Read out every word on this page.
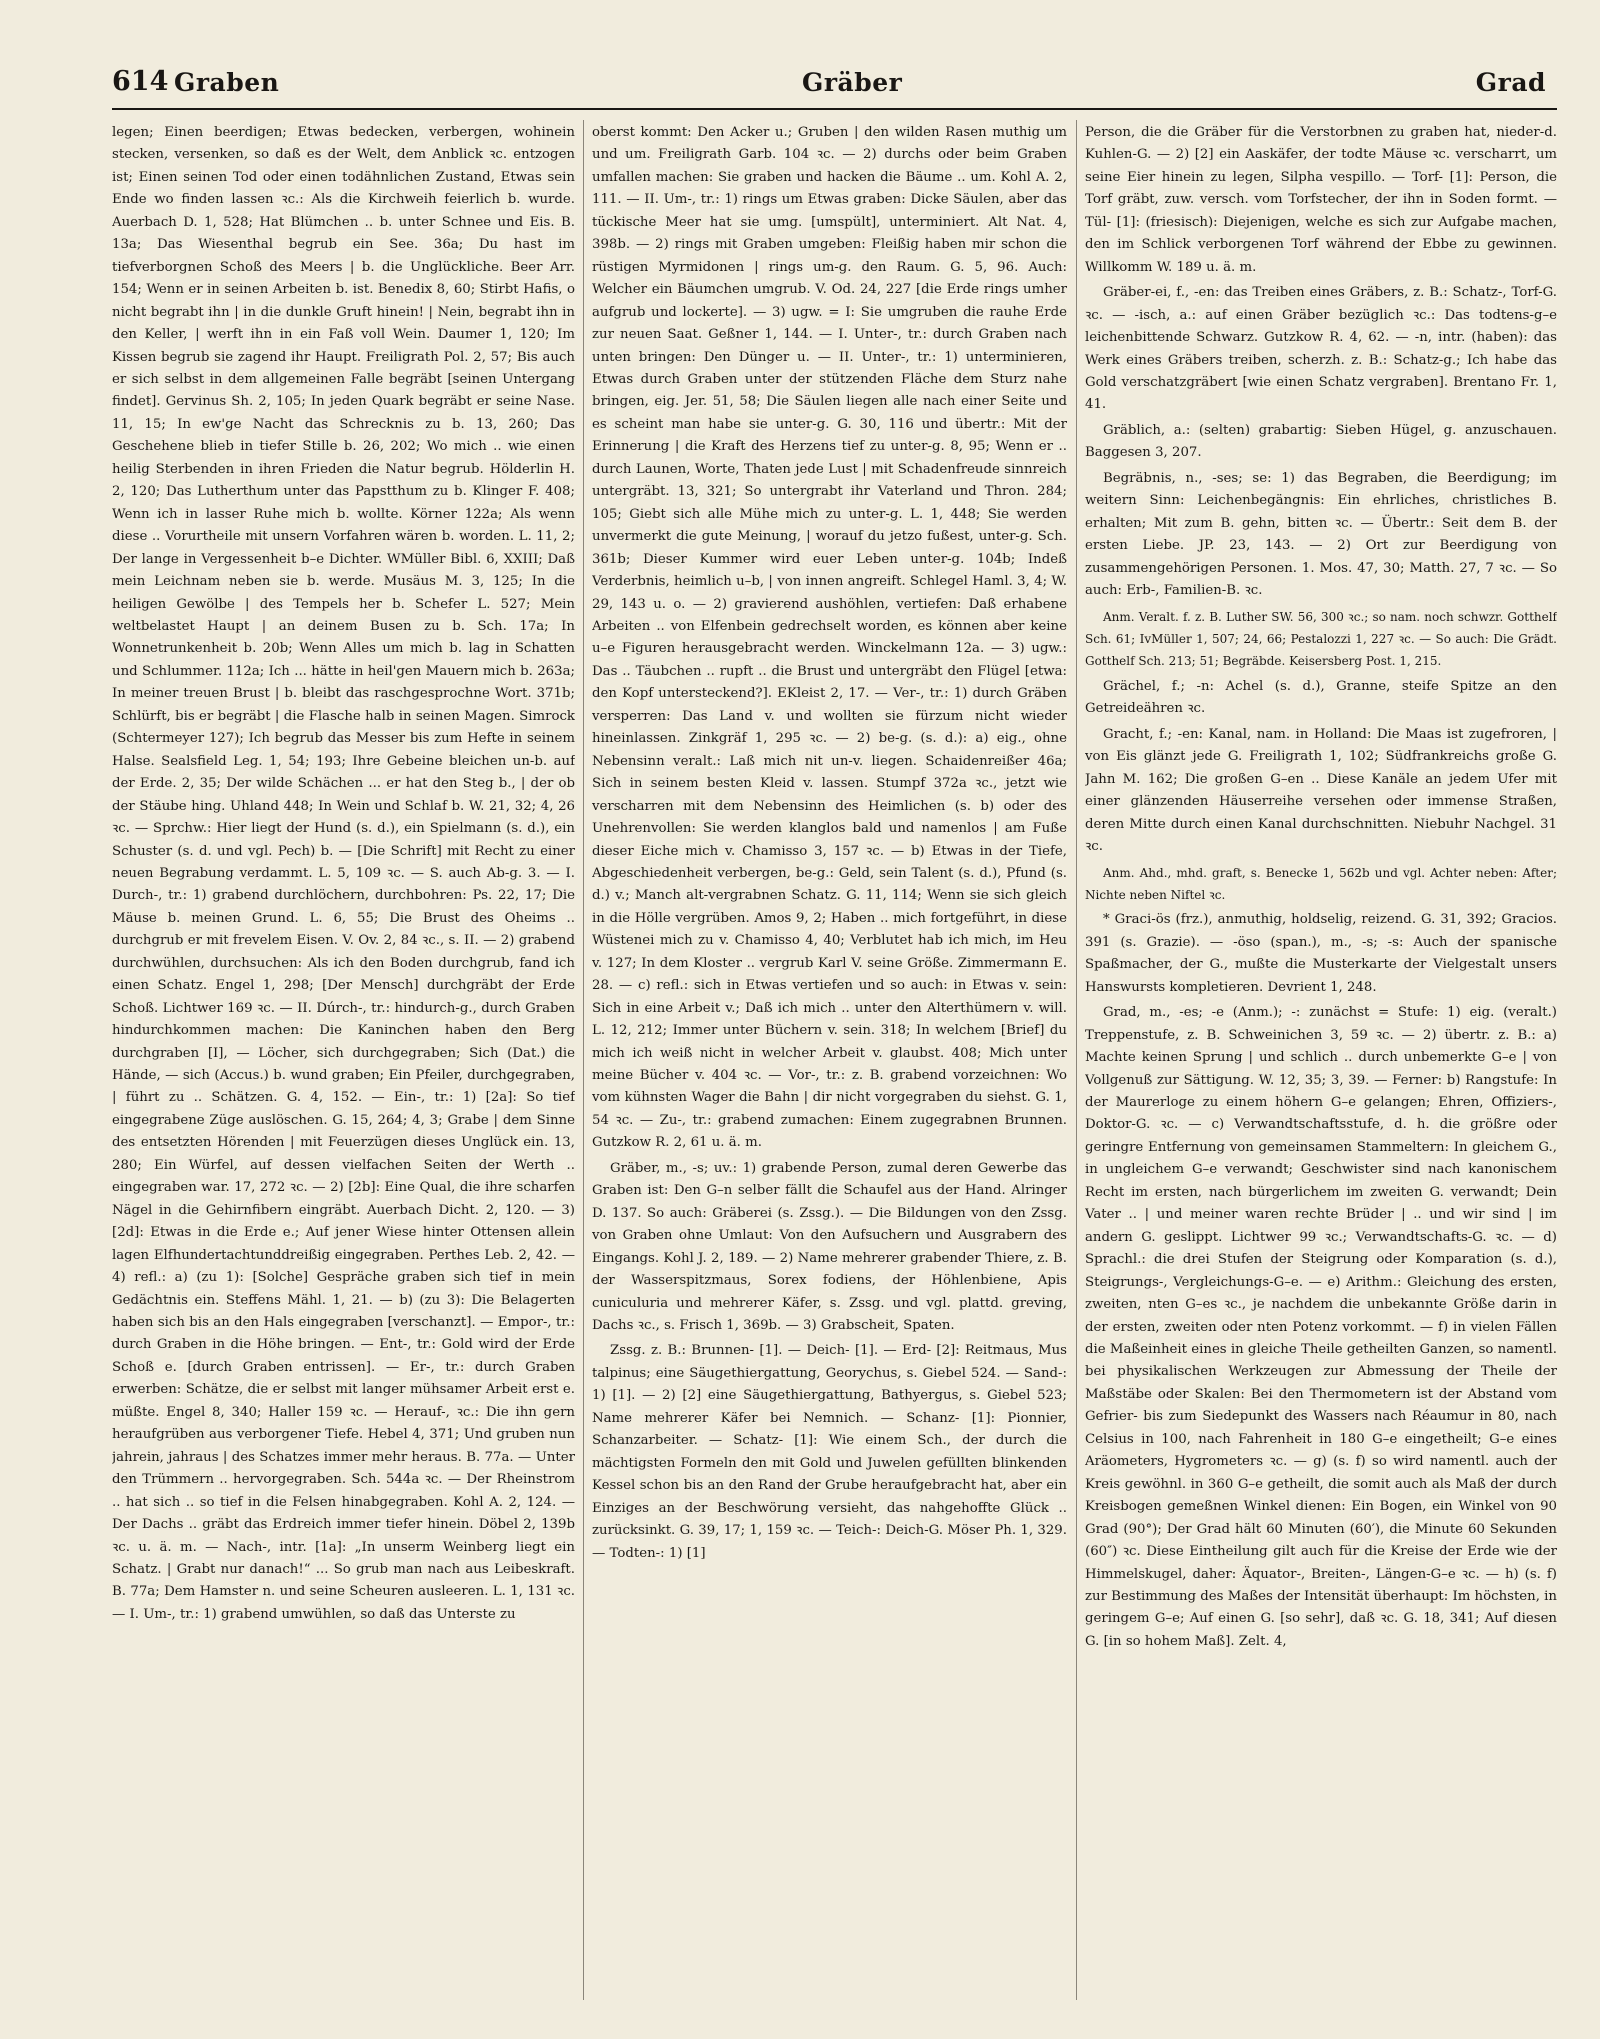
614 Graben	Gräber	Grad

legen; Einen beerdigen; Etwas bedecken, verbergen, wohinein stecken, versenken, so daß es der Welt, dem Anblick ꝛc. entzogen ist; Einen seinen Tod oder einen todähnlichen Zustand, Etwas sein Ende wo finden lassen ꝛc.: Als die Kirchweih feierlich b. wurde. Auerbach D. 1, 528; Hat Blümchen .. b. unter Schnee und Eis. B. 13a; Das Wiesenthal begrub ein See. 36a; Du hast im tiefverborgnen Schoß des Meers | b. die Unglückliche. Beer Arr. 154; Wenn er in seinen Arbeiten b. ist. Benedix 8, 60; Stirbt Hafis, o nicht begrabt ihn | in die dunkle Gruft hinein! | Nein, begrabt ihn in den Keller, | werft ihn in ein Faß voll Wein. Daumer 1, 120; Im Kissen begrub sie zagend ihr Haupt. Freiligrath Pol. 2, 57; Bis auch er sich selbst in dem allgemeinen Falle begräbt [seinen Untergang findet]. Gervinus Sh. 2, 105; In jeden Quark begräbt er seine Nase. 11, 15; In ew'ge Nacht das Schrecknis zu b. 13, 260; Das Geschehene blieb in tiefer Stille b. 26, 202; Wo mich .. wie einen heilig Sterbenden in ihren Frieden die Natur begrub. Hölderlin H. 2, 120; Das Lutherthum unter das Papstthum zu b. Klinger F. 408; Wenn ich in lasser Ruhe mich b. wollte. Körner 122a; Als wenn diese .. Vorurtheile mit unsern Vorfahren wären b. worden. L. 11, 2; Der lange in Vergessenheit b–e Dichter. WMüller Bibl. 6, XXIII; Daß mein Leichnam neben sie b. werde. Musäus M. 3, 125; In die heiligen Gewölbe | des Tempels her b. Schefer L. 527; Mein weltbelastet Haupt | an deinem Busen zu b. Sch. 17a; In Wonnetrunkenheit b. 20b; Wenn Alles um mich b. lag in Schatten und Schlummer. 112a; Ich ... hätte in heil'gen Mauern mich b. 263a; In meiner treuen Brust | b. bleibt das raschgesprochne Wort. 371b; Schlürft, bis er begräbt | die Flasche halb in seinen Magen. Simrock (Schtermeyer 127); Ich begrub das Messer bis zum Hefte in seinem Halse. Sealsfield Leg. 1, 54; 193; Ihre Gebeine bleichen un-b. auf der Erde. 2, 35; Der wilde Schächen ... er hat den Steg b., | der ob der Stäube hing. Uhland 448; In Wein und Schlaf b. W. 21, 32; 4, 26 ꝛc. — Sprchw.: Hier liegt der Hund (s. d.), ein Spielmann (s. d.), ein Schuster (s. d. und vgl. Pech) b. — [Die Schrift] mit Recht zu einer neuen Begrabung verdammt. L. 5, 109 ꝛc. — S. auch Ab-g. 3. — I. Durch-, tr.: 1) grabend durchlöchern, durchbohren: Ps. 22, 17; Die Mäuse b. meinen Grund. L. 6, 55; Die Brust des Oheims .. durchgrub er mit frevelem Eisen. V. Ov. 2, 84 ꝛc., s. II. — 2) grabend durchwühlen, durchsuchen: Als ich den Boden durchgrub, fand ich einen Schatz. Engel 1, 298; [Der Mensch] durchgräbt der Erde Schoß. Lichtwer 169 ꝛc. — II. Dúrch-, tr.: hindurch-g., durch Graben hindurchkommen machen: Die Kaninchen haben den Berg durchgraben [I], — Löcher, sich durchgegraben; Sich (Dat.) die Hände, — sich (Accus.) b. wund graben; Ein Pfeiler, durchgegraben, | führt zu .. Schätzen. G. 4, 152. — Ein-, tr.: 1) [2a]: So tief eingegrabene Züge auslöschen. G. 15, 264; 4, 3; Grabe | dem Sinne des entsetzten Hörenden | mit Feuerzügen dieses Unglück ein. 13, 280; Ein Würfel, auf dessen vielfachen Seiten der Werth .. eingegraben war. 17, 272 ꝛc. — 2) [2b]: Eine Qual, die ihre scharfen Nägel in die Gehirnfibern eingräbt. Auerbach Dicht. 2, 120. — 3) [2d]: Etwas in die Erde e.; Auf jener Wiese hinter Ottensen allein lagen Elfhundertachtunddreißig eingegraben. Perthes Leb. 2, 42. — 4) refl.: a) (zu 1): [Solche] Gespräche graben sich tief in mein Gedächtnis ein. Steffens Mähl. 1, 21. — b) (zu 3): Die Belagerten haben sich bis an den Hals eingegraben [verschanzt]. — Empor-, tr.: durch Graben in die Höhe bringen. — Ent-, tr.: Gold wird der Erde Schoß e. [durch Graben entrissen]. — Er-, tr.: durch Graben erwerben: Schätze, die er selbst mit langer mühsamer Arbeit erst e. müßte. Engel 8, 340; Haller 159 ꝛc. — Herauf-, ꝛc.: Die ihn gern heraufgrüben aus verborgener Tiefe. Hebel 4, 371; Und gruben nun jahrein, jahraus | des Schatzes immer mehr heraus. B. 77a. — Unter den Trümmern .. hervorgegraben. Sch. 544a ꝛc. — Der Rheinstrom .. hat sich .. so tief in die Felsen hinabgegraben. Kohl A. 2, 124. — Der Dachs .. gräbt das Erdreich immer tiefer hinein. Döbel 2, 139b ꝛc. u. ä. m. — Nach-, intr. [1a]: „In unserm Weinberg liegt ein Schatz. | Grabt nur danach!“ ... So grub man nach aus Leibeskraft. B. 77a; Dem Hamster n. und seine Scheuren ausleeren. L. 1, 131 ꝛc. — I. Um-, tr.: 1) grabend umwühlen, so daß das Unterste zu

oberst kommt: Den Acker u.; Gruben | den wilden Rasen muthig um und um. Freiligrath Garb. 104 ꝛc. — 2) durchs oder beim Graben umfallen machen: Sie graben und hacken die Bäume .. um. Kohl A. 2, 111. — II. Um-, tr.: 1) rings um Etwas graben: Dicke Säulen, aber das tückische Meer hat sie umg. [umspült], unterminiert. Alt Nat. 4, 398b. — 2) rings mit Graben umgeben: Fleißig haben mir schon die rüstigen Myrmidonen | rings um-g. den Raum. G. 5, 96. Auch: Welcher ein Bäumchen umgrub. V. Od. 24, 227 [die Erde rings umher aufgrub und lockerte]. — 3) ugw. = I: Sie umgruben die rauhe Erde zur neuen Saat. Geßner 1, 144. — I. Unter-, tr.: durch Graben nach unten bringen: Den Dünger u. — II. Unter-, tr.: 1) unterminieren, Etwas durch Graben unter der stützenden Fläche dem Sturz nahe bringen, eig. Jer. 51, 58; Die Säulen liegen alle nach einer Seite und es scheint man habe sie unter-g. G. 30, 116 und übertr.: Mit der Erinnerung | die Kraft des Herzens tief zu unter-g. 8, 95; Wenn er .. durch Launen, Worte, Thaten jede Lust | mit Schadenfreude sinnreich untergräbt. 13, 321; So untergrabt ihr Vaterland und Thron. 284; 105; Giebt sich alle Mühe mich zu unter-g. L. 1, 448; Sie werden unvermerkt die gute Meinung, | worauf du jetzo fußest, unter-g. Sch. 361b; Dieser Kummer wird euer Leben unter-g. 104b; Indeß Verderbnis, heimlich u–b, | von innen angreift. Schlegel Haml. 3, 4; W. 29, 143 u. o. — 2) gravierend aushöhlen, vertiefen: Daß erhabene Arbeiten .. von Elfenbein gedrechselt worden, es können aber keine u–e Figuren herausgebracht werden. Winckelmann 12a. — 3) ugw.: Das .. Täubchen .. rupft .. die Brust und untergräbt den Flügel [etwa: den Kopf untersteckend?]. EKleist 2, 17. — Ver-, tr.: 1) durch Gräben versperren: Das Land v. und wollten sie fürzum nicht wieder hineinlassen. Zinkgräf 1, 295 ꝛc. — 2) be-g. (s. d.): a) eig., ohne Nebensinn veralt.: Laß mich nit un-v. liegen. Schaidenreißer 46a; Sich in seinem besten Kleid v. lassen. Stumpf 372a ꝛc., jetzt wie verscharren mit dem Nebensinn des Heimlichen (s. b) oder des Unehrenvollen: Sie werden klanglos bald und namenlos | am Fuße dieser Eiche mich v. Chamisso 3, 157 ꝛc. — b) Etwas in der Tiefe, Abgeschiedenheit verbergen, be-g.: Geld, sein Talent (s. d.), Pfund (s. d.) v.; Manch alt-vergrabnen Schatz. G. 11, 114; Wenn sie sich gleich in die Hölle vergrüben. Amos 9, 2; Haben .. mich fortgeführt, in diese Wüstenei mich zu v. Chamisso 4, 40; Verblutet hab ich mich, im Heu v. 127; In dem Kloster .. vergrub Karl V. seine Größe. Zimmermann E. 28. — c) refl.: sich in Etwas vertiefen und so auch: in Etwas v. sein: Sich in eine Arbeit v.; Daß ich mich .. unter den Alterthümern v. will. L. 12, 212; Immer unter Büchern v. sein. 318; In welchem [Brief] du mich ich weiß nicht in welcher Arbeit v. glaubst. 408; Mich unter meine Bücher v. 404 ꝛc. — Vor-, tr.: z. B. grabend vorzeichnen: Wo vom kühnsten Wager die Bahn | dir nicht vorgegraben du siehst. G. 1, 54 ꝛc. — Zu-, tr.: grabend zumachen: Einem zugegrabnen Brunnen. Gutzkow R. 2, 61 u. ä. m.

Gräber, m., -s; uv.: 1) grabende Person, zumal deren Gewerbe das Graben ist: Den G–n selber fällt die Schaufel aus der Hand. Alringer D. 137. So auch: Gräberei (s. Zssg.). — Die Bildungen von den Zssg. von Graben ohne Umlaut: Von den Aufsuchern und Ausgrabern des Eingangs. Kohl J. 2, 189. — 2) Name mehrerer grabender Thiere, z. B. der Wasserspitzmaus, Sorex fodiens, der Höhlenbiene, Apis cuniculuria und mehrerer Käfer, s. Zssg. und vgl. plattd. greving, Dachs ꝛc., s. Frisch 1, 369b. — 3) Grabscheit, Spaten.

Zssg. z. B.: Brunnen- [1]. — Deich- [1]. — Erd- [2]: Reitmaus, Mus talpinus; eine Säugethiergattung, Georychus, s. Giebel 524. — Sand-: 1) [1]. — 2) [2] eine Säugethiergattung, Bathyergus, s. Giebel 523; Name mehrerer Käfer bei Nemnich. — Schanz- [1]: Pionnier, Schanzarbeiter. — Schatz- [1]: Wie einem Sch., der durch die mächtigsten Formeln den mit Gold und Juwelen gefüllten blinkenden Kessel schon bis an den Rand der Grube heraufgebracht hat, aber ein Einziges an der Beschwörung versieht, das nahgehoffte Glück .. zurücksinkt. G. 39, 17; 1, 159 ꝛc. — Teich-: Deich-G. Möser Ph. 1, 329. — Todten-: 1) [1]

Person, die die Gräber für die Verstorbnen zu graben hat, nieder-d. Kuhlen-G. — 2) [2] ein Aaskäfer, der todte Mäuse ꝛc. verscharrt, um seine Eier hinein zu legen, Silpha vespillo. — Torf- [1]: Person, die Torf gräbt, zuw. versch. vom Torfstecher, der ihn in Soden formt. — Tül- [1]: (friesisch): Diejenigen, welche es sich zur Aufgabe machen, den im Schlick verborgenen Torf während der Ebbe zu gewinnen. Willkomm W. 189 u. ä. m.

Gräber-ei, f., -en: das Treiben eines Gräbers, z. B.: Schatz-, Torf-G. ꝛc. — -isch, a.: auf einen Gräber bezüglich ꝛc.: Das todtens-g–e leichenbittende Schwarz. Gutzkow R. 4, 62. — -n, intr. (haben): das Werk eines Gräbers treiben, scherzh. z. B.: Schatz-g.; Ich habe das Gold verschatzgräbert [wie einen Schatz vergraben]. Brentano Fr. 1, 41.

Gräblich, a.: (selten) grabartig: Sieben Hügel, g. anzuschauen. Baggesen 3, 207.

Begräbnis, n., -ses; se: 1) das Begraben, die Beerdigung; im weitern Sinn: Leichenbegängnis: Ein ehrliches, christliches B. erhalten; Mit zum B. gehn, bitten ꝛc. — Übertr.: Seit dem B. der ersten Liebe. JP. 23, 143. — 2) Ort zur Beerdigung von zusammengehörigen Personen. 1. Mos. 47, 30; Matth. 27, 7 ꝛc. — So auch: Erb-, Familien-B. ꝛc.

Anm. Veralt. f. z. B. Luther SW. 56, 300 ꝛc.; so nam. noch schwzr. Gotthelf Sch. 61; IvMüller 1, 507; 24, 66; Pestalozzi 1, 227 ꝛc. — So auch: Die Grädt. Gotthelf Sch. 213; 51; Begräbde. Keisersberg Post. 1, 215.

Grächel, f.; -n: Achel (s. d.), Granne, steife Spitze an den Getreideähren ꝛc.

Gracht, f.; -en: Kanal, nam. in Holland: Die Maas ist zugefroren, | von Eis glänzt jede G. Freiligrath 1, 102; Südfrankreichs große G. Jahn M. 162; Die großen G–en .. Diese Kanäle an jedem Ufer mit einer glänzenden Häuserreihe versehen oder immense Straßen, deren Mitte durch einen Kanal durchschnitten. Niebuhr Nachgel. 31 ꝛc.

Anm. Ahd., mhd. graft, s. Benecke 1, 562b und vgl. Achter neben: After; Nichte neben Niftel ꝛc.

* Graci-ös (frz.), anmuthig, holdselig, reizend. G. 31, 392; Gracios. 391 (s. Grazie). — -öso (span.), m., -s; -s: Auch der spanische Spaßmacher, der G., mußte die Musterkarte der Vielgestalt unsers Hanswursts kompletieren. Devrient 1, 248.

Grad, m., -es; -e (Anm.); -: zunächst = Stufe: 1) eig. (veralt.) Treppenstufe, z. B. Schweinichen 3, 59 ꝛc. — 2) übertr. z. B.: a) Machte keinen Sprung | und schlich .. durch unbemerkte G–e | von Vollgenuß zur Sättigung. W. 12, 35; 3, 39. — Ferner: b) Rangstufe: In der Maurerloge zu einem höhern G–e gelangen; Ehren, Offiziers-, Doktor-G. ꝛc. — c) Verwandtschaftsstufe, d. h. die größre oder geringre Entfernung von gemeinsamen Stammeltern: In gleichem G., in ungleichem G–e verwandt; Geschwister sind nach kanonischem Recht im ersten, nach bürgerlichem im zweiten G. verwandt; Dein Vater .. | und meiner waren rechte Brüder | .. und wir sind | im andern G. geslippt. Lichtwer 99 ꝛc.; Verwandtschafts-G. ꝛc. — d) Sprachl.: die drei Stufen der Steigrung oder Komparation (s. d.), Steigrungs-, Vergleichungs-G–e. — e) Arithm.: Gleichung des ersten, zweiten, nten G–es ꝛc., je nachdem die unbekannte Größe darin in der ersten, zweiten oder nten Potenz vorkommt. — f) in vielen Fällen die Maßeinheit eines in gleiche Theile getheilten Ganzen, so namentl. bei physikalischen Werkzeugen zur Abmessung der Theile der Maßstäbe oder Skalen: Bei den Thermometern ist der Abstand vom Gefrier- bis zum Siedepunkt des Wassers nach Réaumur in 80, nach Celsius in 100, nach Fahrenheit in 180 G–e eingetheilt; G–e eines Aräometers, Hygrometers ꝛc. — g) (s. f) so wird namentl. auch der Kreis gewöhnl. in 360 G–e getheilt, die somit auch als Maß der durch Kreisbogen gemeßnen Winkel dienen: Ein Bogen, ein Winkel von 90 Grad (90°); Der Grad hält 60 Minuten (60′), die Minute 60 Sekunden (60″) ꝛc. Diese Eintheilung gilt auch für die Kreise der Erde wie der Himmelskugel, daher: Äquator-, Breiten-, Längen-G–e ꝛc. — h) (s. f) zur Bestimmung des Maßes der Intensität überhaupt: Im höchsten, in geringem G–e; Auf einen G. [so sehr], daß ꝛc. G. 18, 341; Auf diesen G. [in so hohem Maß]. Zelt. 4,
